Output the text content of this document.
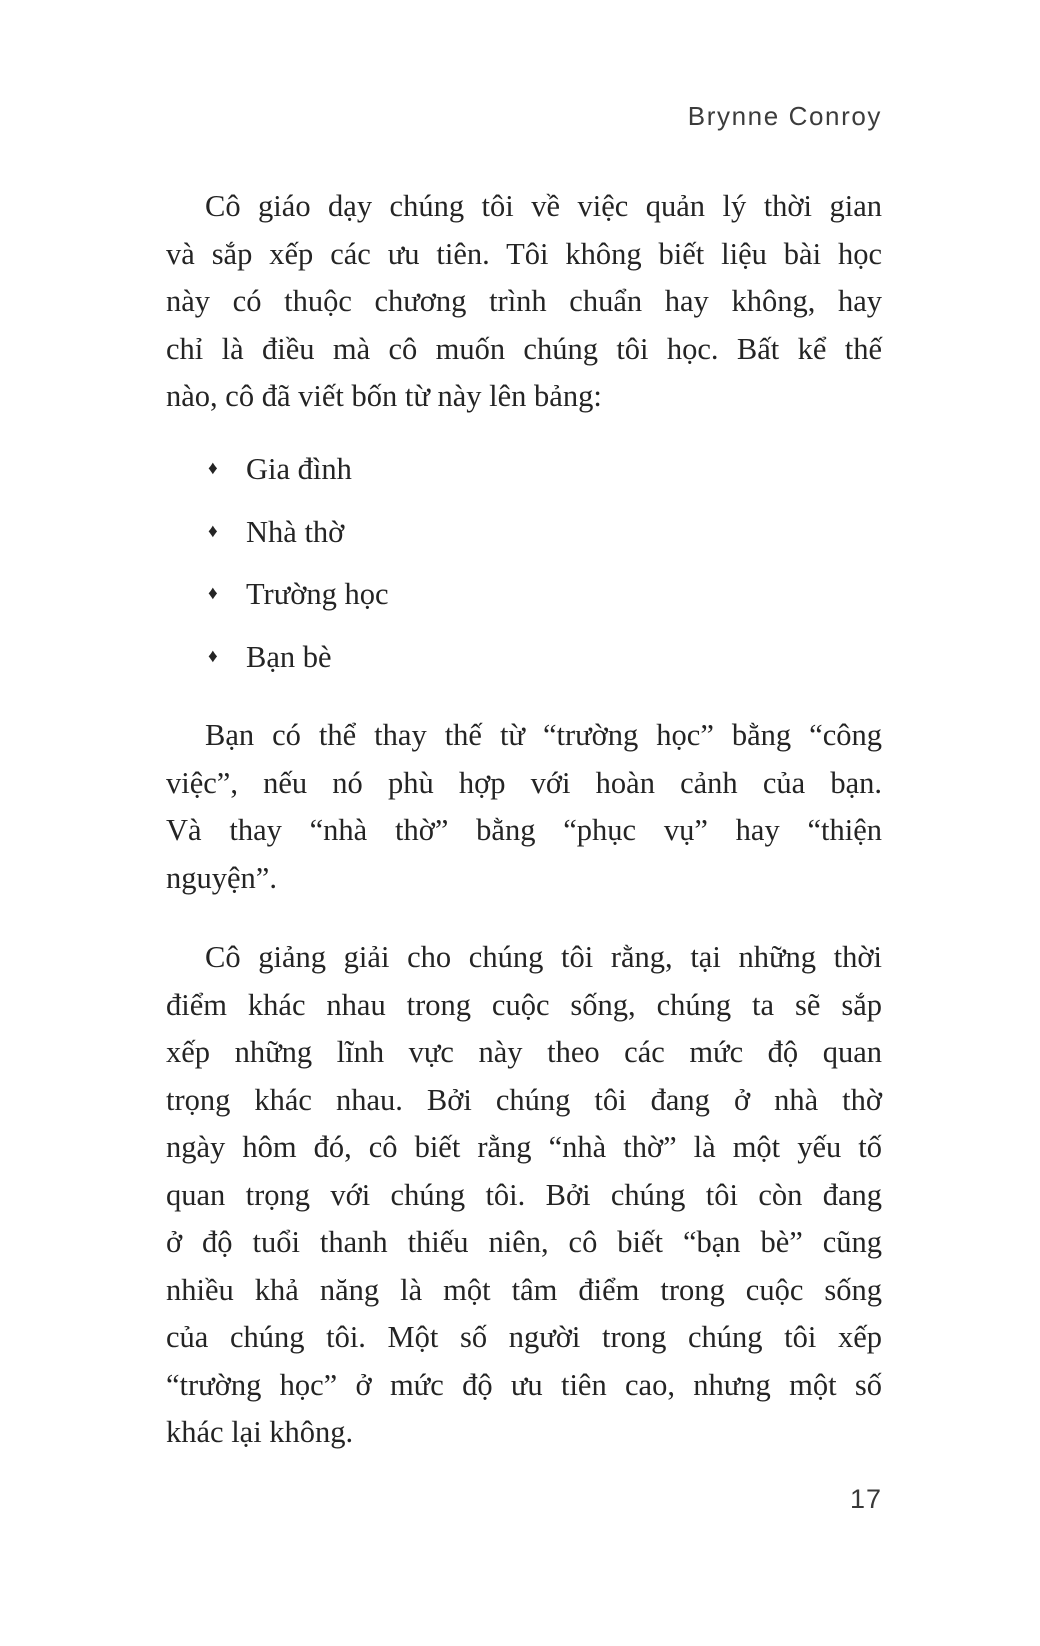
Brynne Conroy
Cô giáo dạy chúng tôi về việc quản lý thời gian
và sắp xếp các ưu tiên. Tôi không biết liệu bài học
này có thuộc chương trình chuẩn hay không, hay
chỉ là điều mà cô muốn chúng tôi học. Bất kể thế
nào, cô đã viết bốn từ này lên bảng:
♦ Gia đình
♦ Nhà thờ
♦ Trường học
♦ Bạn bè
Bạn có thể thay thế từ “trường học” bằng “công
việc”, nếu nó phù hợp với hoàn cảnh của bạn.
Và thay “nhà thờ” bằng “phục vụ” hay “thiện
nguyện”.
Cô giảng giải cho chúng tôi rằng, tại những thời
điểm khác nhau trong cuộc sống, chúng ta sẽ sắp
xếp những lĩnh vực này theo các mức độ quan
trọng khác nhau. Bởi chúng tôi đang ở nhà thờ
ngày hôm đó, cô biết rằng “nhà thờ” là một yếu tố
quan trọng với chúng tôi. Bởi chúng tôi còn đang
ở độ tuổi thanh thiếu niên, cô biết “bạn bè” cũng
nhiều khả năng là một tâm điểm trong cuộc sống
của chúng tôi. Một số người trong chúng tôi xếp
“trường học” ở mức độ ưu tiên cao, nhưng một số
khác lại không.
17
